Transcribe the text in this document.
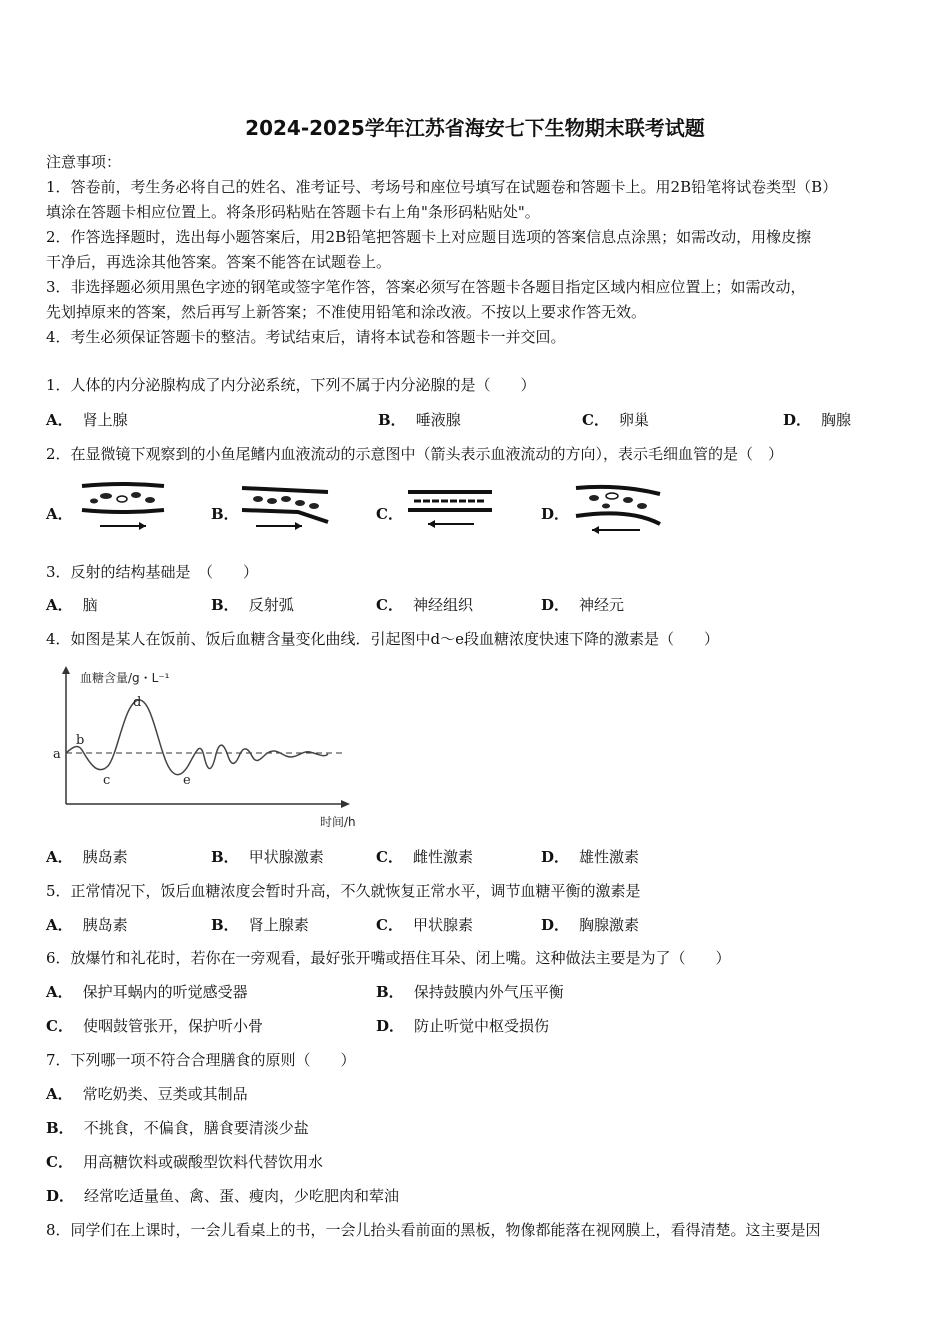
2024-2025学年江苏省海安七下生物期末联考试题
注意事项：
1．答卷前，考生务必将自己的姓名、准考证号、考场号和座位号填写在试题卷和答题卡上。用2B铅笔将试卷类型（B）
填涂在答题卡相应位置上。将条形码粘贴在答题卡右上角"条形码粘贴处"。
2．作答选择题时，选出每小题答案后，用2B铅笔把答题卡上对应题目选项的答案信息点涂黑；如需改动，用橡皮擦
干净后，再选涂其他答案。答案不能答在试题卷上。
3．非选择题必须用黑色字迹的钢笔或签字笔作答，答案必须写在答题卡各题目指定区域内相应位置上；如需改动，
先划掉原来的答案，然后再写上新答案；不准使用铅笔和涂改液。不按以上要求作答无效。
4．考生必须保证答题卡的整洁。考试结束后，请将本试卷和答题卡一并交回。
1．人体的内分泌腺构成了内分泌系统，下列不属于内分泌腺的是（　　）
A． 肾上腺	B． 唾液腺	C． 卵巢	D． 胸腺
2．在显微镜下观察到的小鱼尾鳍内血液流动的示意图中（箭头表示血液流动的方向），表示毛细血管的是（　）
A．	B．	C．	D．
3．反射的结构基础是　（　　）
A． 脑	B． 反射弧	C． 神经组织	D． 神经元
4．如图是某人在饭前、饭后血糖含量变化曲线．引起图中d～e段血糖浓度快速下降的激素是（　　）
血糖含量/g・L⁻¹
时间/h
a
b
c
d
e
A． 胰岛素	B． 甲状腺激素	C． 雌性激素	D． 雄性激素
5．正常情况下，饭后血糖浓度会暂时升高，不久就恢复正常水平，调节血糖平衡的激素是
A． 胰岛素	B． 肾上腺素	C． 甲状腺素	D． 胸腺激素
6．放爆竹和礼花时，若你在一旁观看，最好张开嘴或捂住耳朵、闭上嘴。这种做法主要是为了（　　）
A． 保护耳蜗内的听觉感受器	B． 保持鼓膜内外气压平衡
C． 使咽鼓管张开，保护听小骨	D． 防止听觉中枢受损伤
7．下列哪一项不符合合理膳食的原则（　　）
A． 常吃奶类、豆类或其制品
B． 不挑食，不偏食，膳食要清淡少盐
C． 用高糖饮料或碳酸型饮料代替饮用水
D． 经常吃适量鱼、禽、蛋、瘦肉，少吃肥肉和荤油
8．同学们在上课时，一会儿看桌上的书，一会儿抬头看前面的黑板，物像都能落在视网膜上，看得清楚。这主要是因
